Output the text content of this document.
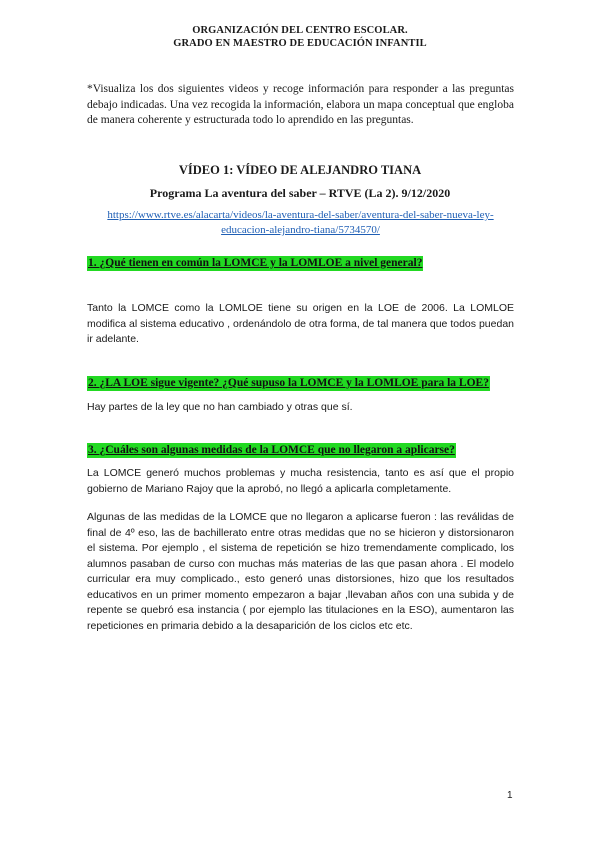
ORGANIZACIÓN DEL CENTRO ESCOLAR.
GRADO EN MAESTRO DE EDUCACIÓN INFANTIL
*Visualiza los dos siguientes videos y recoge información para responder a las preguntas debajo indicadas. Una vez recogida la información, elabora un mapa conceptual que engloba de manera coherente y estructurada todo lo aprendido en las preguntas.
VÍDEO 1: VÍDEO DE ALEJANDRO TIANA
Programa La aventura del saber – RTVE (La 2). 9/12/2020
https://www.rtve.es/alacarta/videos/la-aventura-del-saber/aventura-del-saber-nueva-ley-educacion-alejandro-tiana/5734570/
1. ¿Qué tienen en común la LOMCE y la LOMLOE a nivel general?
Tanto la LOMCE como la LOMLOE tiene su origen en la LOE de 2006. La LOMLOE modifica al sistema educativo , ordenándolo de otra forma, de tal manera que todos puedan ir adelante.
2. ¿LA LOE sigue vigente? ¿Qué supuso la LOMCE y la LOMLOE para la LOE?
Hay partes de la ley que no han cambiado y otras que sí.
3. ¿Cuáles son algunas medidas de la LOMCE que no llegaron a aplicarse?
La LOMCE generó muchos problemas y mucha resistencia, tanto es así que el propio gobierno de Mariano Rajoy que la aprobó, no llegó a aplicarla completamente.
Algunas de las medidas de la LOMCE que no llegaron a aplicarse fueron : las reválidas de final de 4º eso, las de bachillerato entre otras medidas que no se hicieron y distorsionaron el sistema. Por ejemplo , el sistema de repetición se hizo tremendamente complicado, los alumnos pasaban de curso con muchas más materias de las que pasan ahora . El modelo curricular era muy complicado., esto generó unas distorsiones, hizo que los resultados educativos en un primer momento empezaron a bajar ,llevaban años con una subida y de repente se quebró esa instancia ( por ejemplo las titulaciones en la ESO), aumentaron las repeticiones en primaria debido a la desaparición de los ciclos etc etc.
1
